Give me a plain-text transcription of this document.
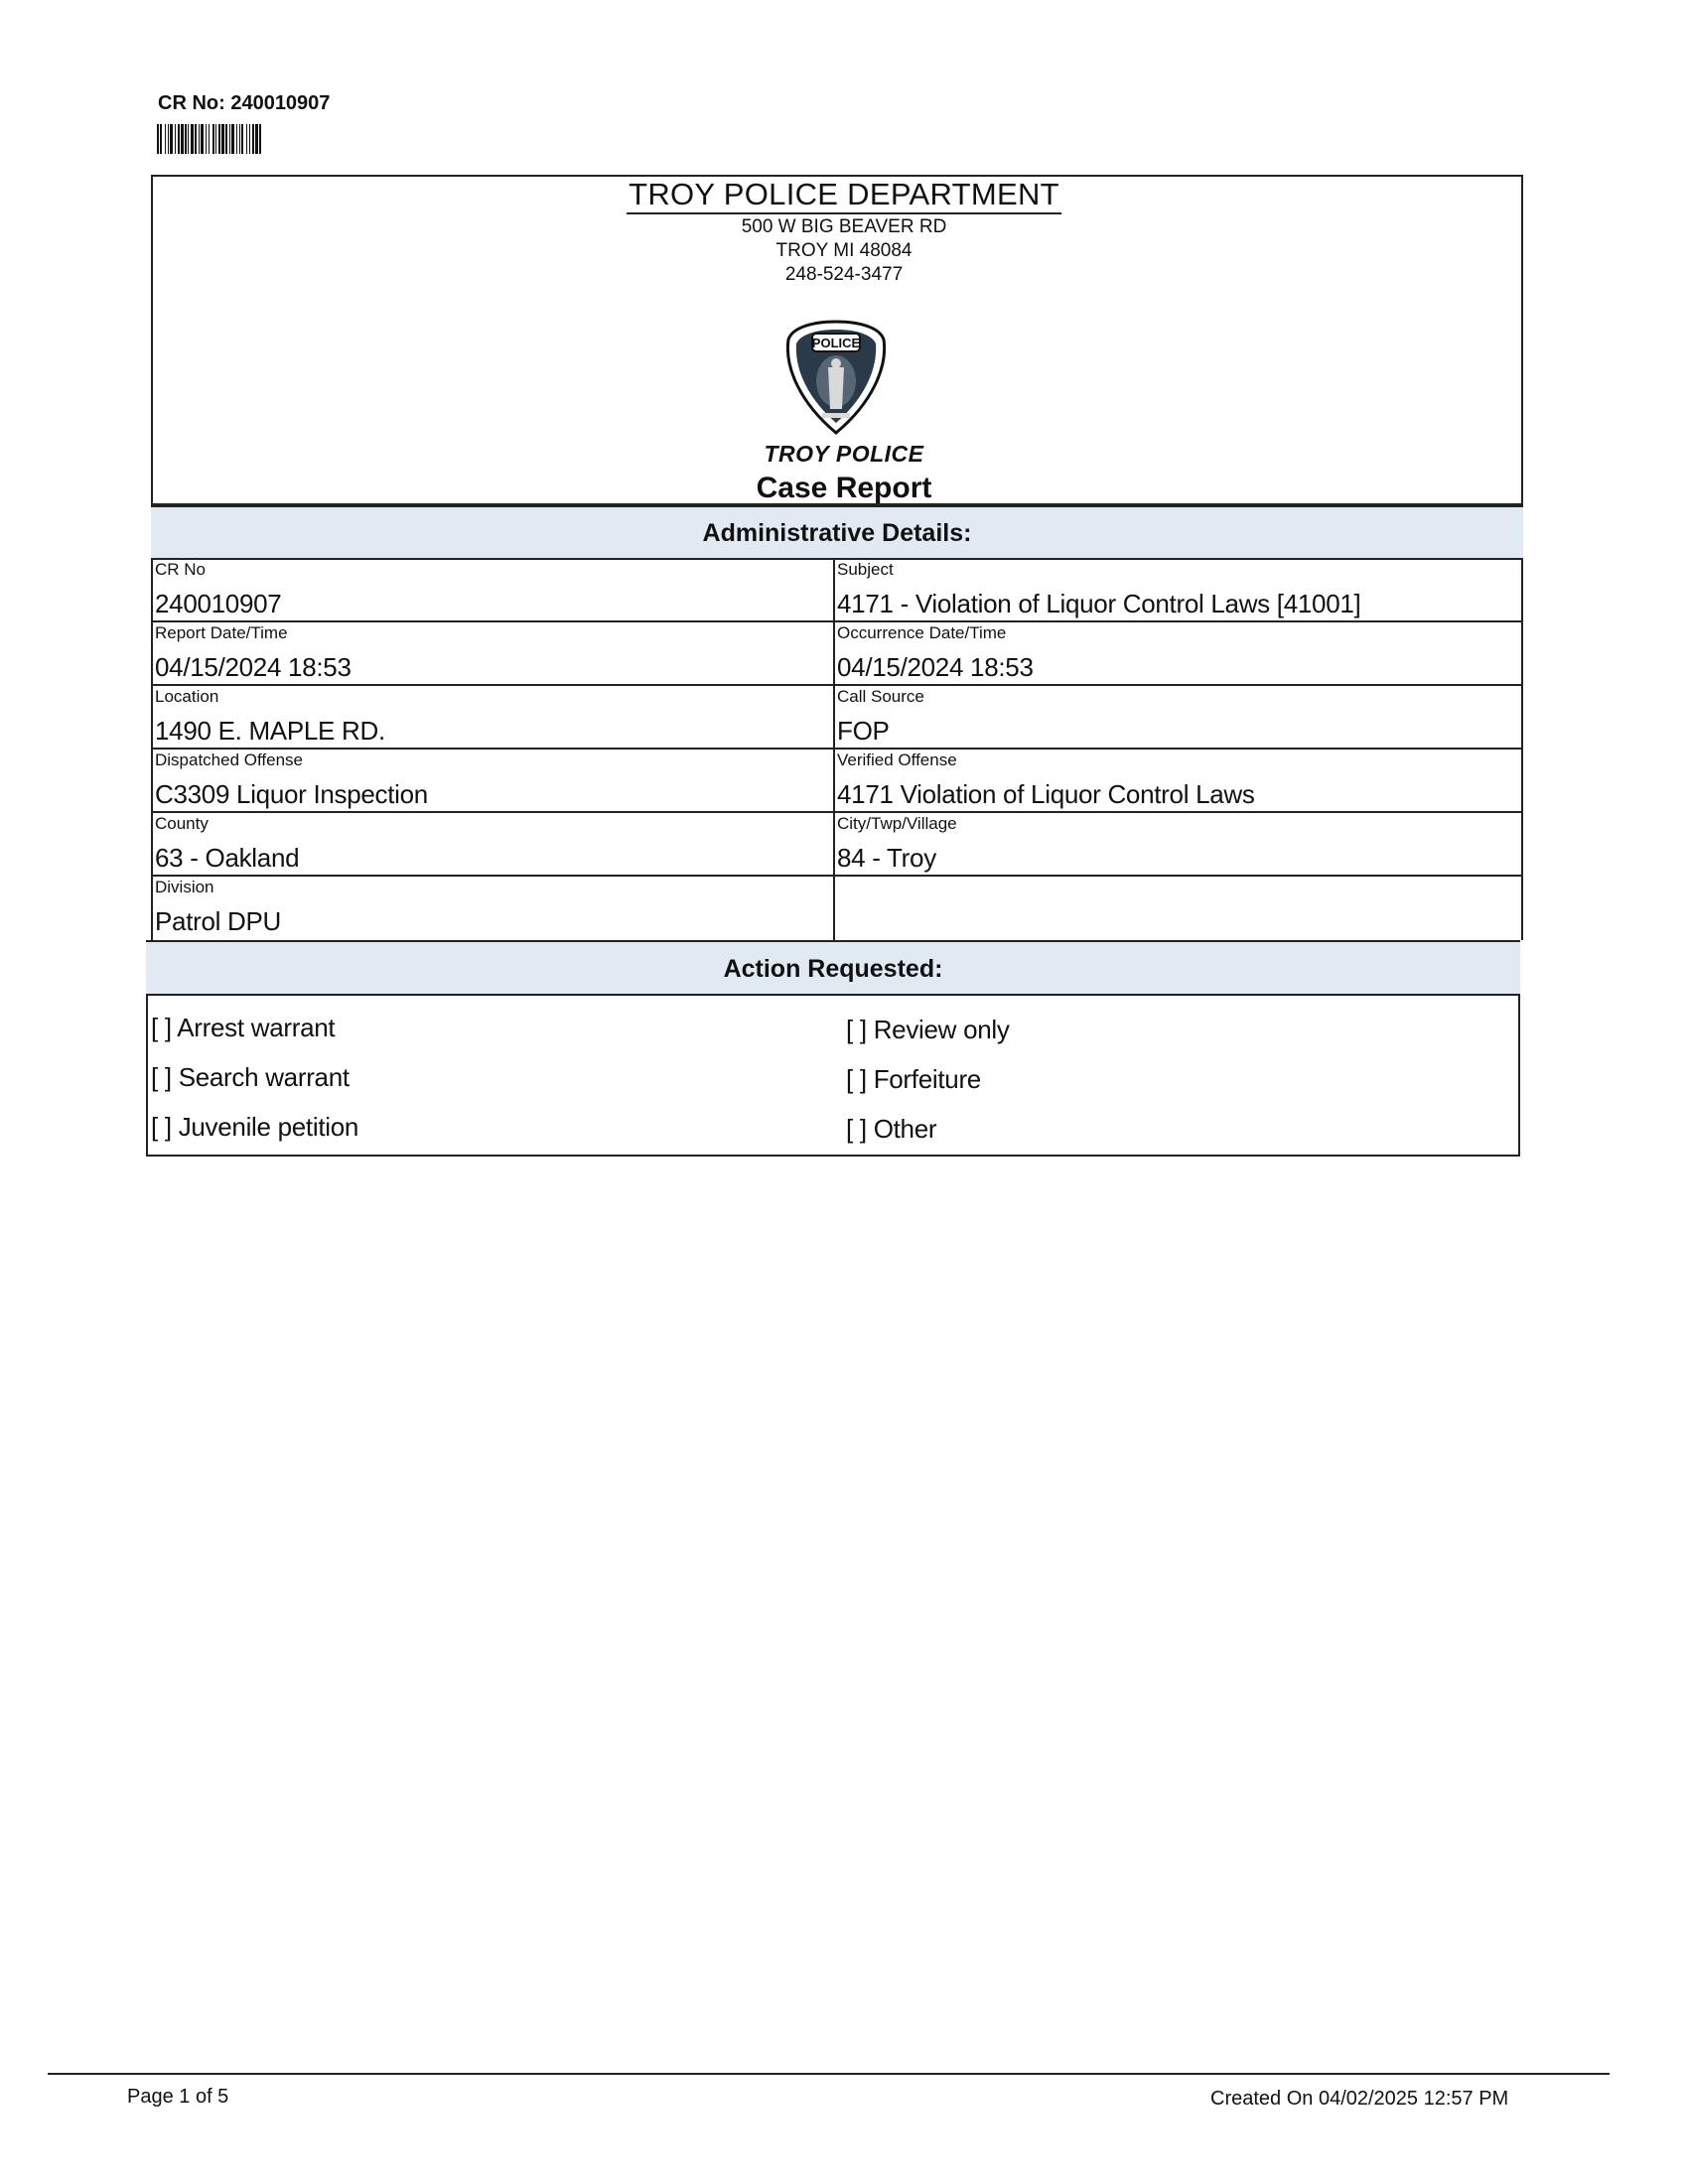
CR No: 240010907
TROY POLICE DEPARTMENT
500 W BIG BEAVER RD
TROY MI 48084
248-524-3477
POLICE
TROY POLICE
Case Report
Administrative Details:
CR No
240010907
Subject
4171 - Violation of Liquor Control Laws [41001]
Report Date/Time
04/15/2024 18:53
Occurrence Date/Time
04/15/2024 18:53
Location
1490 E. MAPLE RD.
Call Source
FOP
Dispatched Offense
C3309 Liquor Inspection
Verified Offense
4171 Violation of Liquor Control Laws
County
63 - Oakland
City/Twp/Village
84 - Troy
Division
Patrol DPU
Action Requested:
[ ] Arrest warrant
[ ] Search warrant
[ ] Juvenile petition
[ ] Review only
[ ] Forfeiture
[ ] Other
Page 1 of 5	Created On 04/02/2025 12:57 PM
